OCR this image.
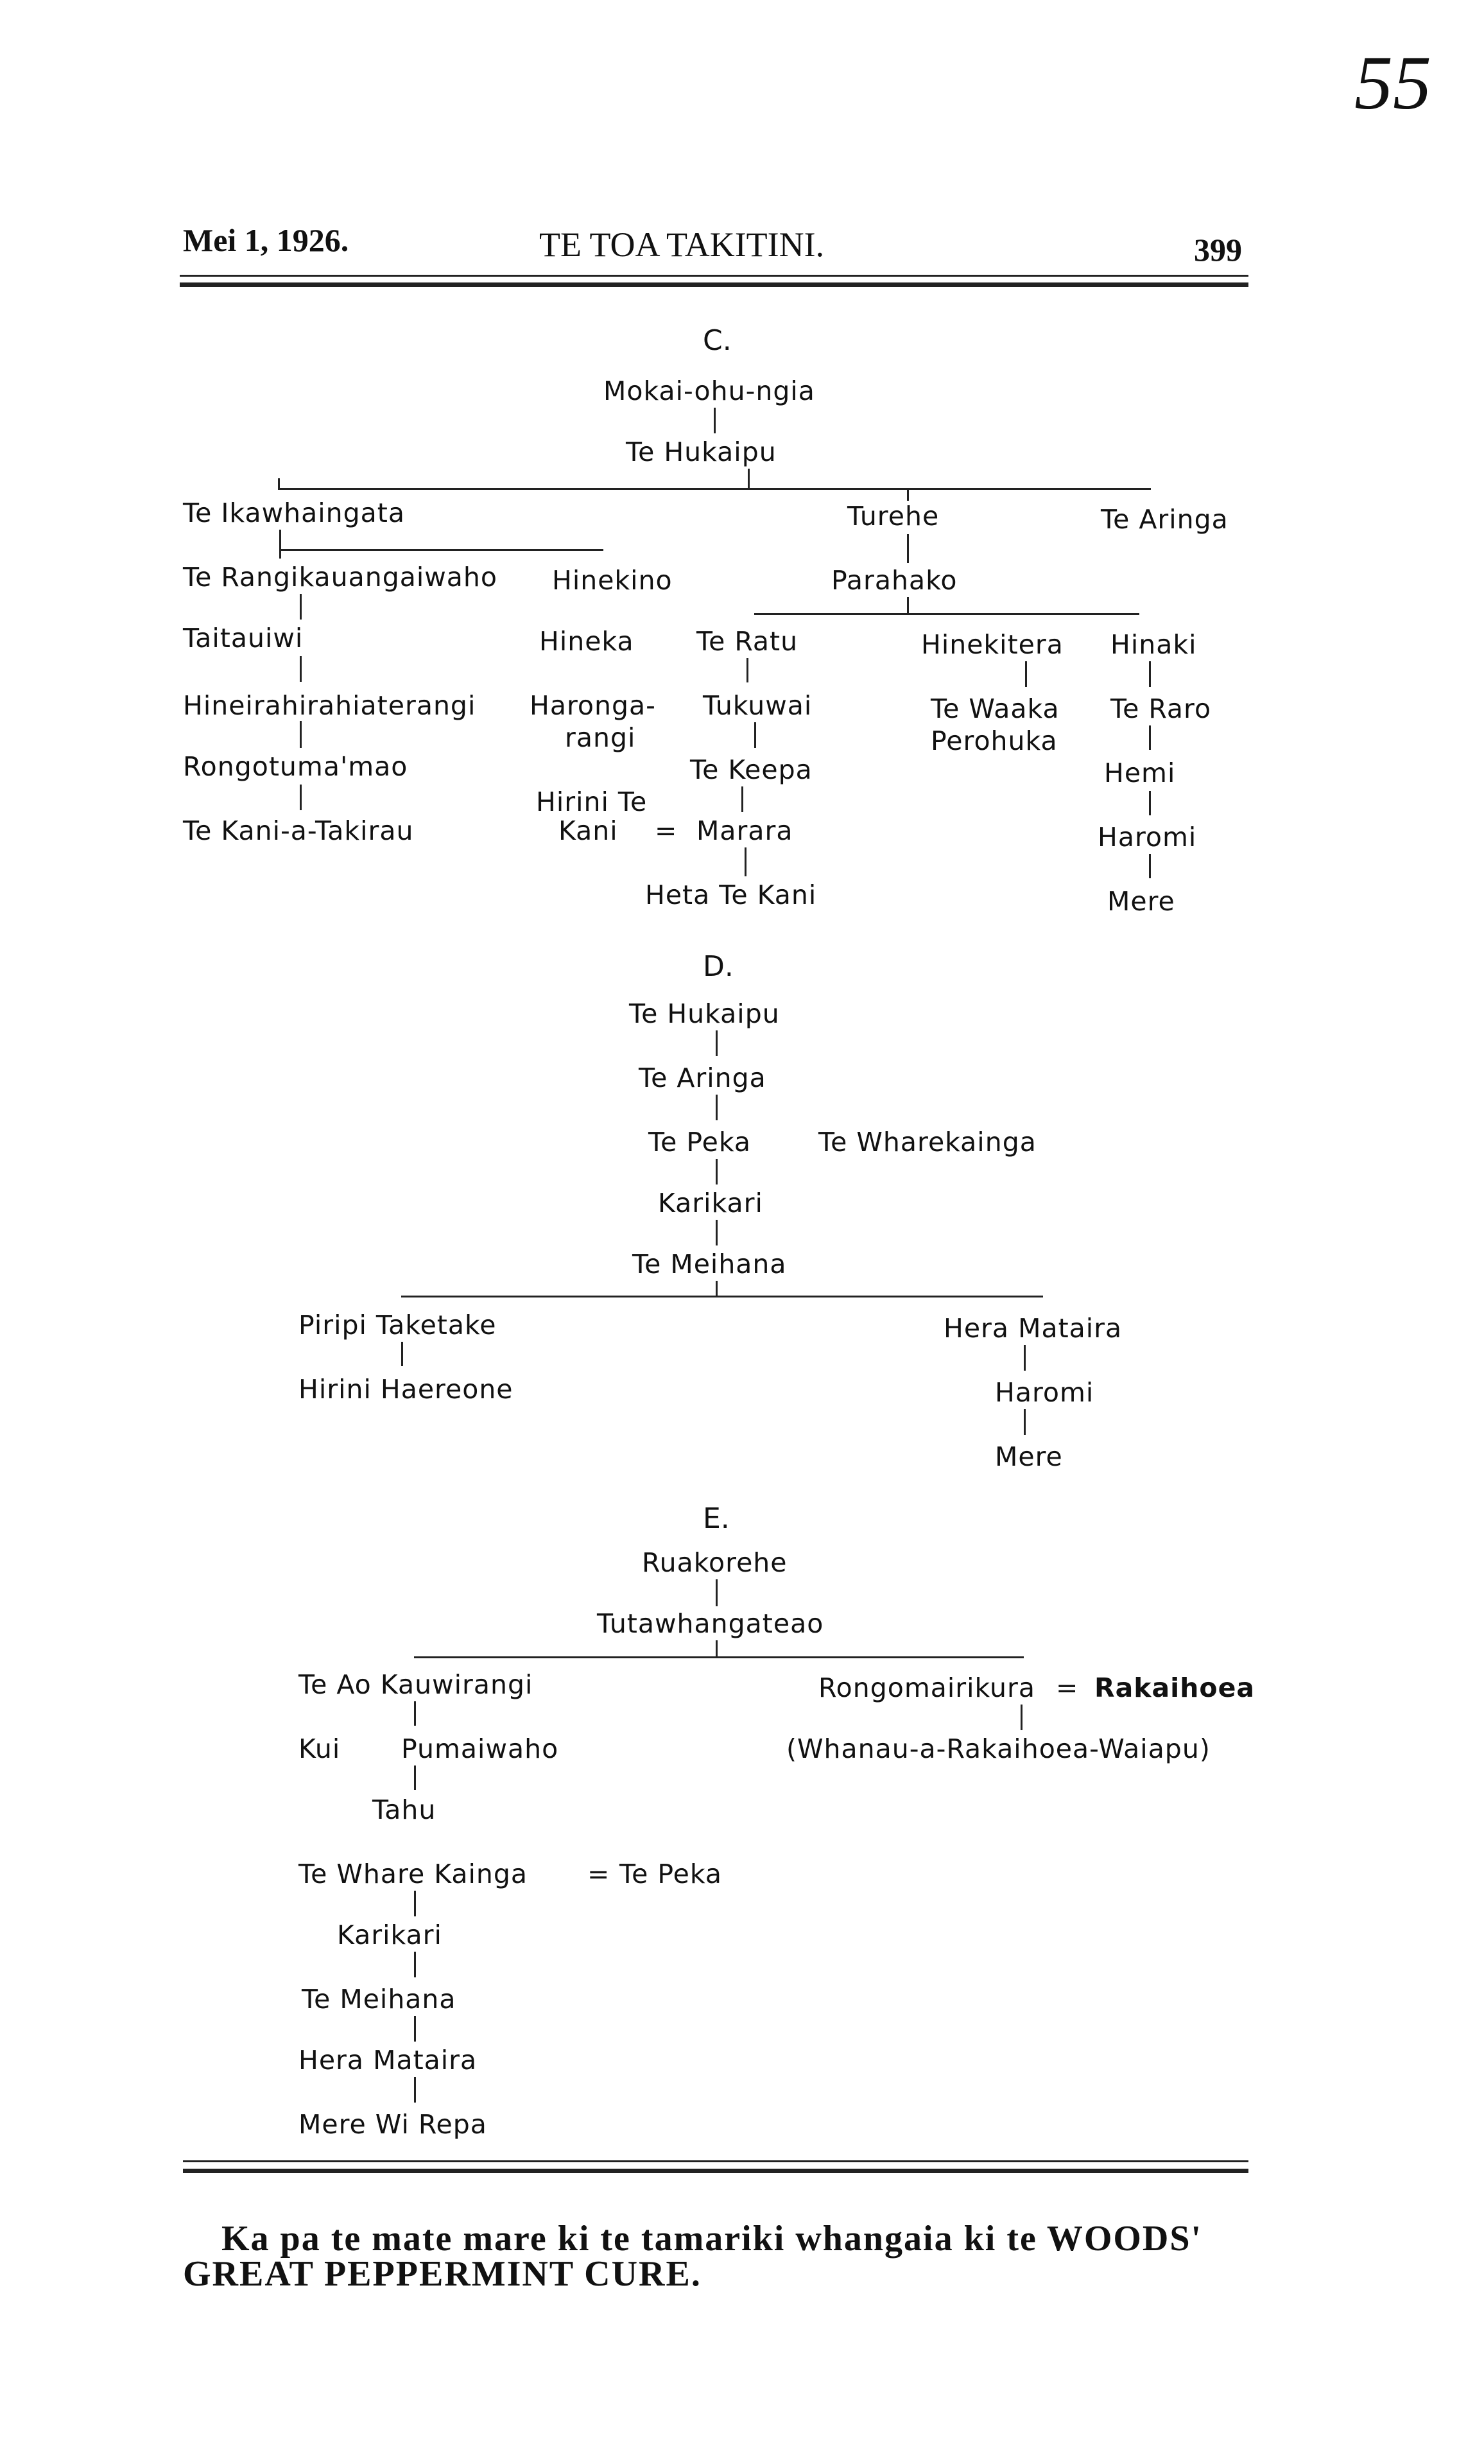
55
Mei 1, 1926.	TE TOA TAKITINI.	399
C.
Mokai-ohu-ngia
Te Hukaipu
Te Ikawhaingata
Te Rangikauangaiwaho
Taitauiwi
Hineirahirahiaterangi
Rongotuma'mao
Te Kani-a-Takirau
Hinekino
Hineka
Haronga-
rangi
Hirini Te
Kani =
Te Ratu
Tukuwai
Te Keepa
Marara
Heta Te Kani
Turehe
Parahako
Hinekitera
Te Waaka
Perohuka
Te Aringa
Hinaki
Te Raro
Hemi
Haromi
Mere
D.
Te Hukaipu
Te Aringa
Te Peka	Te Wharekainga
Karikari
Te Meihana
Piripi Taketake
Hirini Haereone
Hera Mataira
Haromi
Mere
E.
Ruakorehe
Tutawhangateao
Te Ao Kauwirangi
Kui Pumaiwaho
Tahu
Te Whare Kainga = Te Peka
Karikari
Te Meihana
Hera Mataira
Mere Wi Repa
Rongomairikura = Rakaihoea
(Whanau-a-Rakaihoea-Waiapu)
Ka pa te mate mare ki te tamariki whangaia ki te WOODS'
GREAT PEPPERMINT CURE.
